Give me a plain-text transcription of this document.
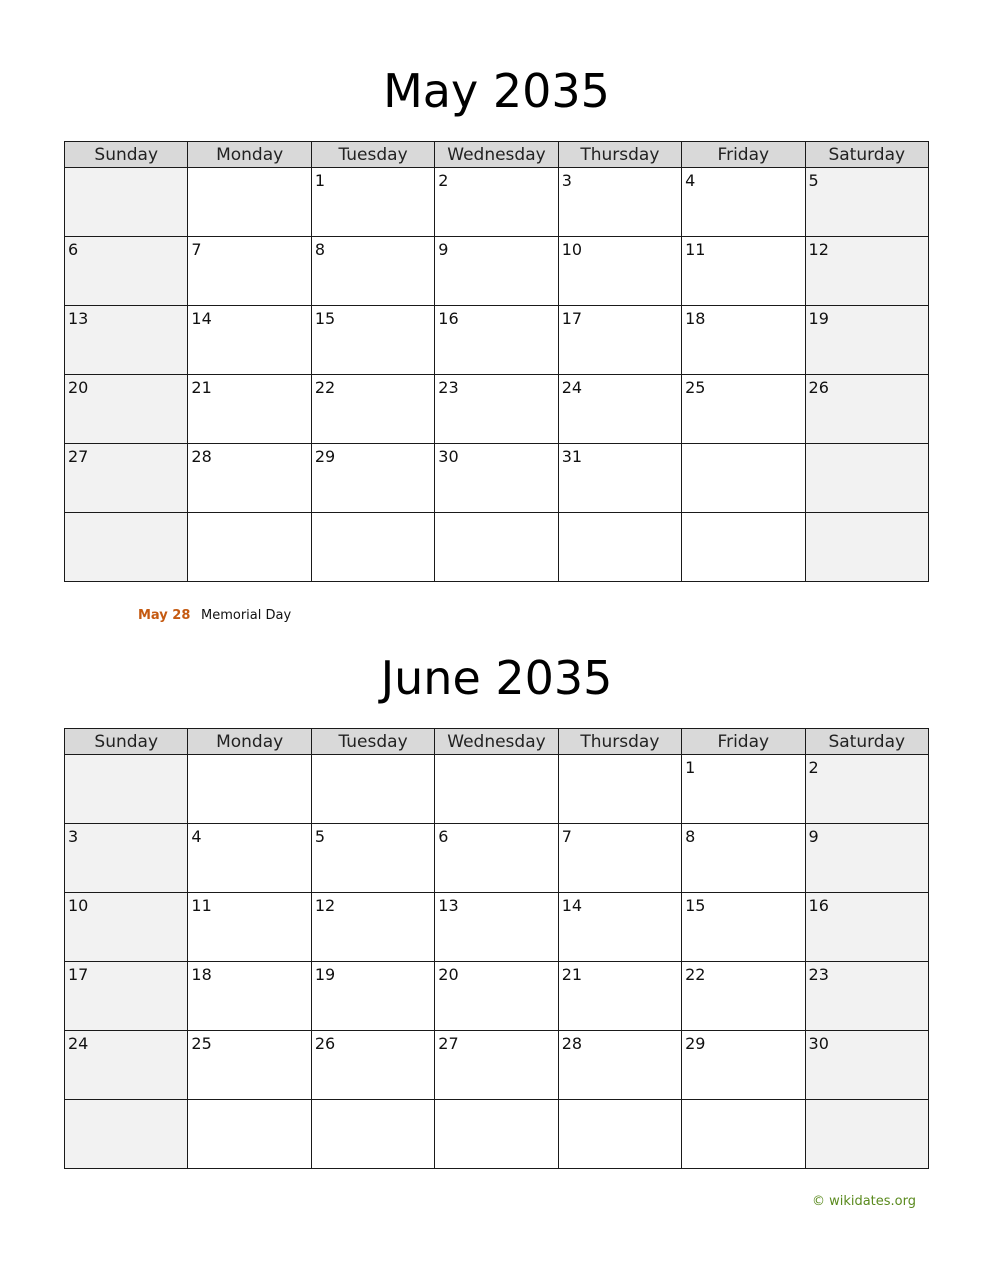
May 2035
Sunday	Monday	Tuesday	Wednesday	Thursday	Friday	Saturday

		1	2	3	4	5

6	7	8	9	10	11	12

13	14	15	16	17	18	19

20	21	22	23	24	25	26

27	28	29	30	31		

May 28 Memorial Day
June 2035
Sunday	Monday	Tuesday	Wednesday	Thursday	Friday	Saturday

					1	2

3	4	5	6	7	8	9

10	11	12	13	14	15	16

17	18	19	20	21	22	23

24	25	26	27	28	29	30

© wikidates.org
